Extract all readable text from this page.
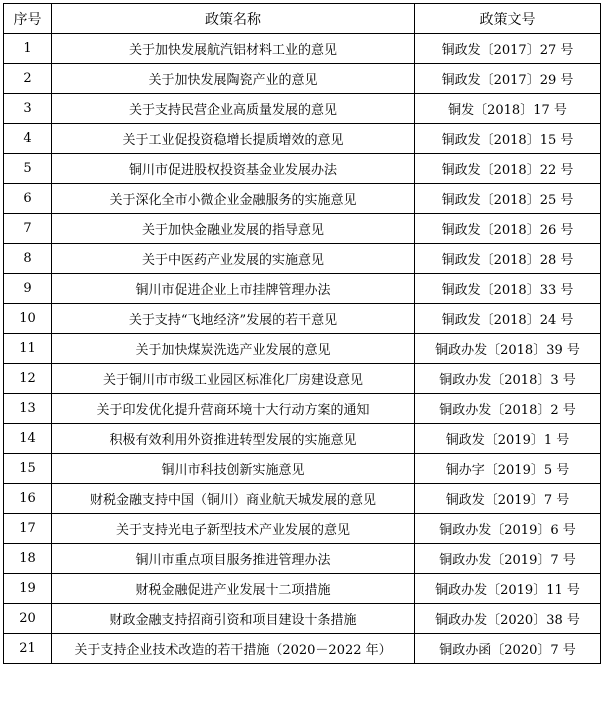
序号	政策名称	政策文号
1	关于加快发展航汽铝材料工业的意见	铜政发〔2017〕27 号
2	关于加快发展陶瓷产业的意见	铜政发〔2017〕29 号
3	关于支持民营企业高质量发展的意见	铜发〔2018〕17 号
4	关于工业促投资稳增长提质增效的意见	铜政发〔2018〕15 号
5	铜川市促进股权投资基金业发展办法	铜政发〔2018〕22 号
6	关于深化全市小微企业金融服务的实施意见	铜政发〔2018〕25 号
7	关于加快金融业发展的指导意见	铜政发〔2018〕26 号
8	关于中医药产业发展的实施意见	铜政发〔2018〕28 号
9	铜川市促进企业上市挂牌管理办法	铜政发〔2018〕33 号
10	关于支持“飞地经济”发展的若干意见	铜政发〔2018〕24 号
11	关于加快煤炭洗选产业发展的意见	铜政办发〔2018〕39 号
12	关于铜川市市级工业园区标准化厂房建设意见	铜政办发〔2018〕3 号
13	关于印发优化提升营商环境十大行动方案的通知	铜政办发〔2018〕2 号
14	积极有效利用外资推进转型发展的实施意见	铜政发〔2019〕1 号
15	铜川市科技创新实施意见	铜办字〔2019〕5 号
16	财税金融支持中国（铜川）商业航天城发展的意见	铜政发〔2019〕7 号
17	关于支持光电子新型技术产业发展的意见	铜政办发〔2019〕6 号
18	铜川市重点项目服务推进管理办法	铜政办发〔2019〕7 号
19	财税金融促进产业发展十二项措施	铜政办发〔2019〕11 号
20	财政金融支持招商引资和项目建设十条措施	铜政办发〔2020〕38 号
21	关于支持企业技术改造的若干措施（2020－2022 年）	铜政办函〔2020〕7 号
